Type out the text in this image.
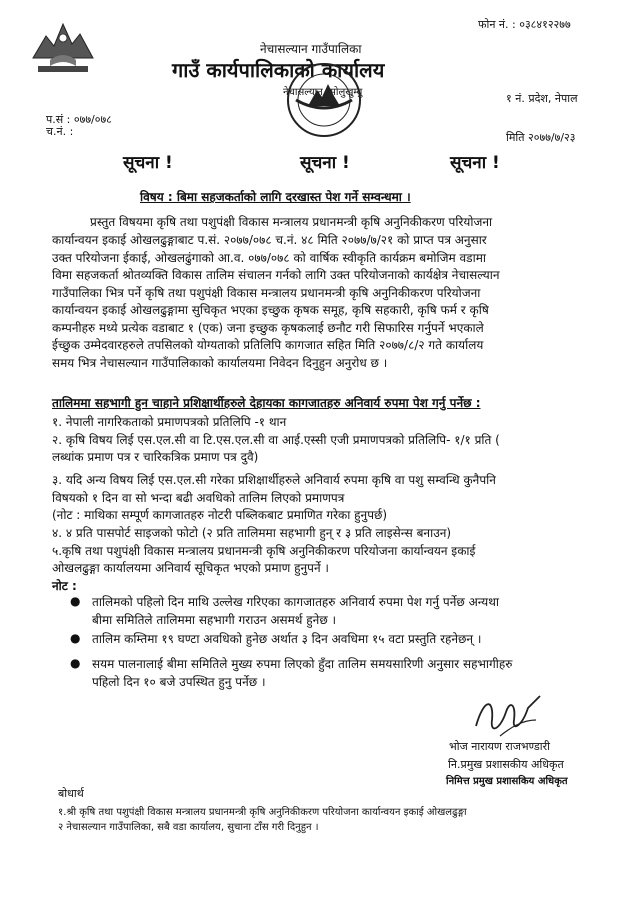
फोन नं. : ०३८४१२२७७
नेचासल्यान गाउँपालिका
गाउँ कार्यपालिकाको कार्यालय
नेचासल्यान, सोलुखुम्बु	१ नं. प्रदेश, नेपाल
प.सं : ०७७/०७८
च.नं. :	मिति २०७७/७/२३
सूचना !	सूचना !	सूचना !
विषय : बिमा सहजकर्ताको लागि दरखास्त पेश गर्ने सम्वन्धमा ।
प्रस्तुत विषयमा कृषि तथा पशुपंक्षी विकास मन्त्रालय प्रधानमन्त्री कृषि अनुनिकीकरण परियोजना
कार्यान्वयन इकाई ओखलढुङ्गाबाट प.सं. २०७७/०७८ च.नं. ४८ मिति २०७७/७/२१ को प्राप्त पत्र अनुसार
उक्त परियोजना ईकाई, ओखलढुंगाको आ.व. ०७७/०७८ को वार्षिक स्वीकृति कार्यक्रम बमोजिम वडामा
विमा सहजकर्ता श्रोतव्यक्ति विकास तालिम संचालन गर्नको लागि उक्त परियोजनाको कार्यक्षेत्र नेचासल्यान
गाउँपालिका भित्र पर्ने कृषि तथा पशुपंक्षी विकास मन्त्रालय प्रधानमन्त्री कृषि अनुनिकीकरण परियोजना
कार्यान्वयन इकाई ओखलढुङ्गामा सुचिकृत भएका इच्छुक कृषक समूह, कृषि सहकारी, कृषि फर्म र कृषि
कम्पनीहरु मध्ये प्रत्येक वडाबाट १ (एक) जना इच्छुक कृषकलाई छनौट गरी सिफारिस गर्नुपर्ने भएकाले
ईच्छुक उम्मेदवारहरुले तपसिलको योग्यताको प्रतिलिपि कागजात सहित मिति २०७७/८/२ गते कार्यालय
समय भित्र नेचासल्यान गाउँपालिकाको कार्यालयमा निवेदन दिनुहुन अनुरोध छ ।
तालिममा सहभागी हुन चाहाने प्रशिक्षार्थीहरुले देहायका कागजातहरु अनिवार्य रुपमा पेश गर्नु पर्नेछ :
१. नेपाली नागरिकताको प्रमाणपत्रको प्रतिलिपि -१ थान
२. कृषि विषय लिई एस.एल.सी वा टि.एस.एल.सी वा आई.एस्सी एजी प्रमाणपत्रको प्रतिलिपि- १/१ प्रति (
लब्धांक प्रमाण पत्र र चारिकत्रिक प्रमाण पत्र दुवै)
३. यदि अन्य विषय लिई एस.एल.सी गरेका प्रशिक्षार्थीहरुले अनिवार्य रुपमा कृषि वा पशु सम्वन्धि कुनैपनि
विषयको १ दिन वा सो भन्दा बढी अवधिको तालिम लिएको प्रमाणपत्र
(नोट : माथिका सम्पूर्ण कागजातहरु नोटरी पब्लिकबाट प्रमाणित गरेका हुनुपर्छ)
४. ४ प्रति पासपोर्ट साइजको फोटो (२ प्रति तालिममा सहभागी हुन् र ३ प्रति लाइसेन्स बनाउन)
५.कृषि तथा पशुपंक्षी विकास मन्त्रालय प्रधानमन्त्री कृषि अनुनिकीकरण परियोजना कार्यान्वयन इकाई
ओखलढुङ्गा कार्यालयमा अनिवार्य सूचिकृत भएको प्रमाण हुनुपर्ने ।
नोट :
● तालिमको पहिलो दिन माथि उल्लेख गरिएका कागजातहरु अनिवार्य रुपमा पेश गर्नु पर्नेछ अन्यथा
बीमा समितिले तालिममा सहभागी गराउन असमर्थ हुनेछ ।
● तालिम कम्तिमा १९ घण्टा अवधिको हुनेछ अर्थात ३ दिन अवधिमा १५ वटा प्रस्तुति रहनेछन् ।
● सयम पालनालाई बीमा समितिले मुख्य रुपमा लिएको हुँदा तालिम समयसारिणी अनुसार सहभागीहरु
पहिलो दिन १० बजे उपस्थित हुनु पर्नेछ ।
भोज नारायण राजभण्डारी
नि.प्रमुख प्रशासकीय अधिकृत
निमित्त प्रमुख प्रशासकिय अधिकृत
बोधार्थ
१.श्री कृषि तथा पशुपंक्षी विकास मन्त्रालय प्रधानमन्त्री कृषि अनुनिकीकरण परियोजना कार्यान्वयन इकाई ओखलढुङ्गा
२ नेचासल्यान गाउँपालिका, सबै वडा कार्यालय, सुचाना टाँस गरी दिनुहुन ।
